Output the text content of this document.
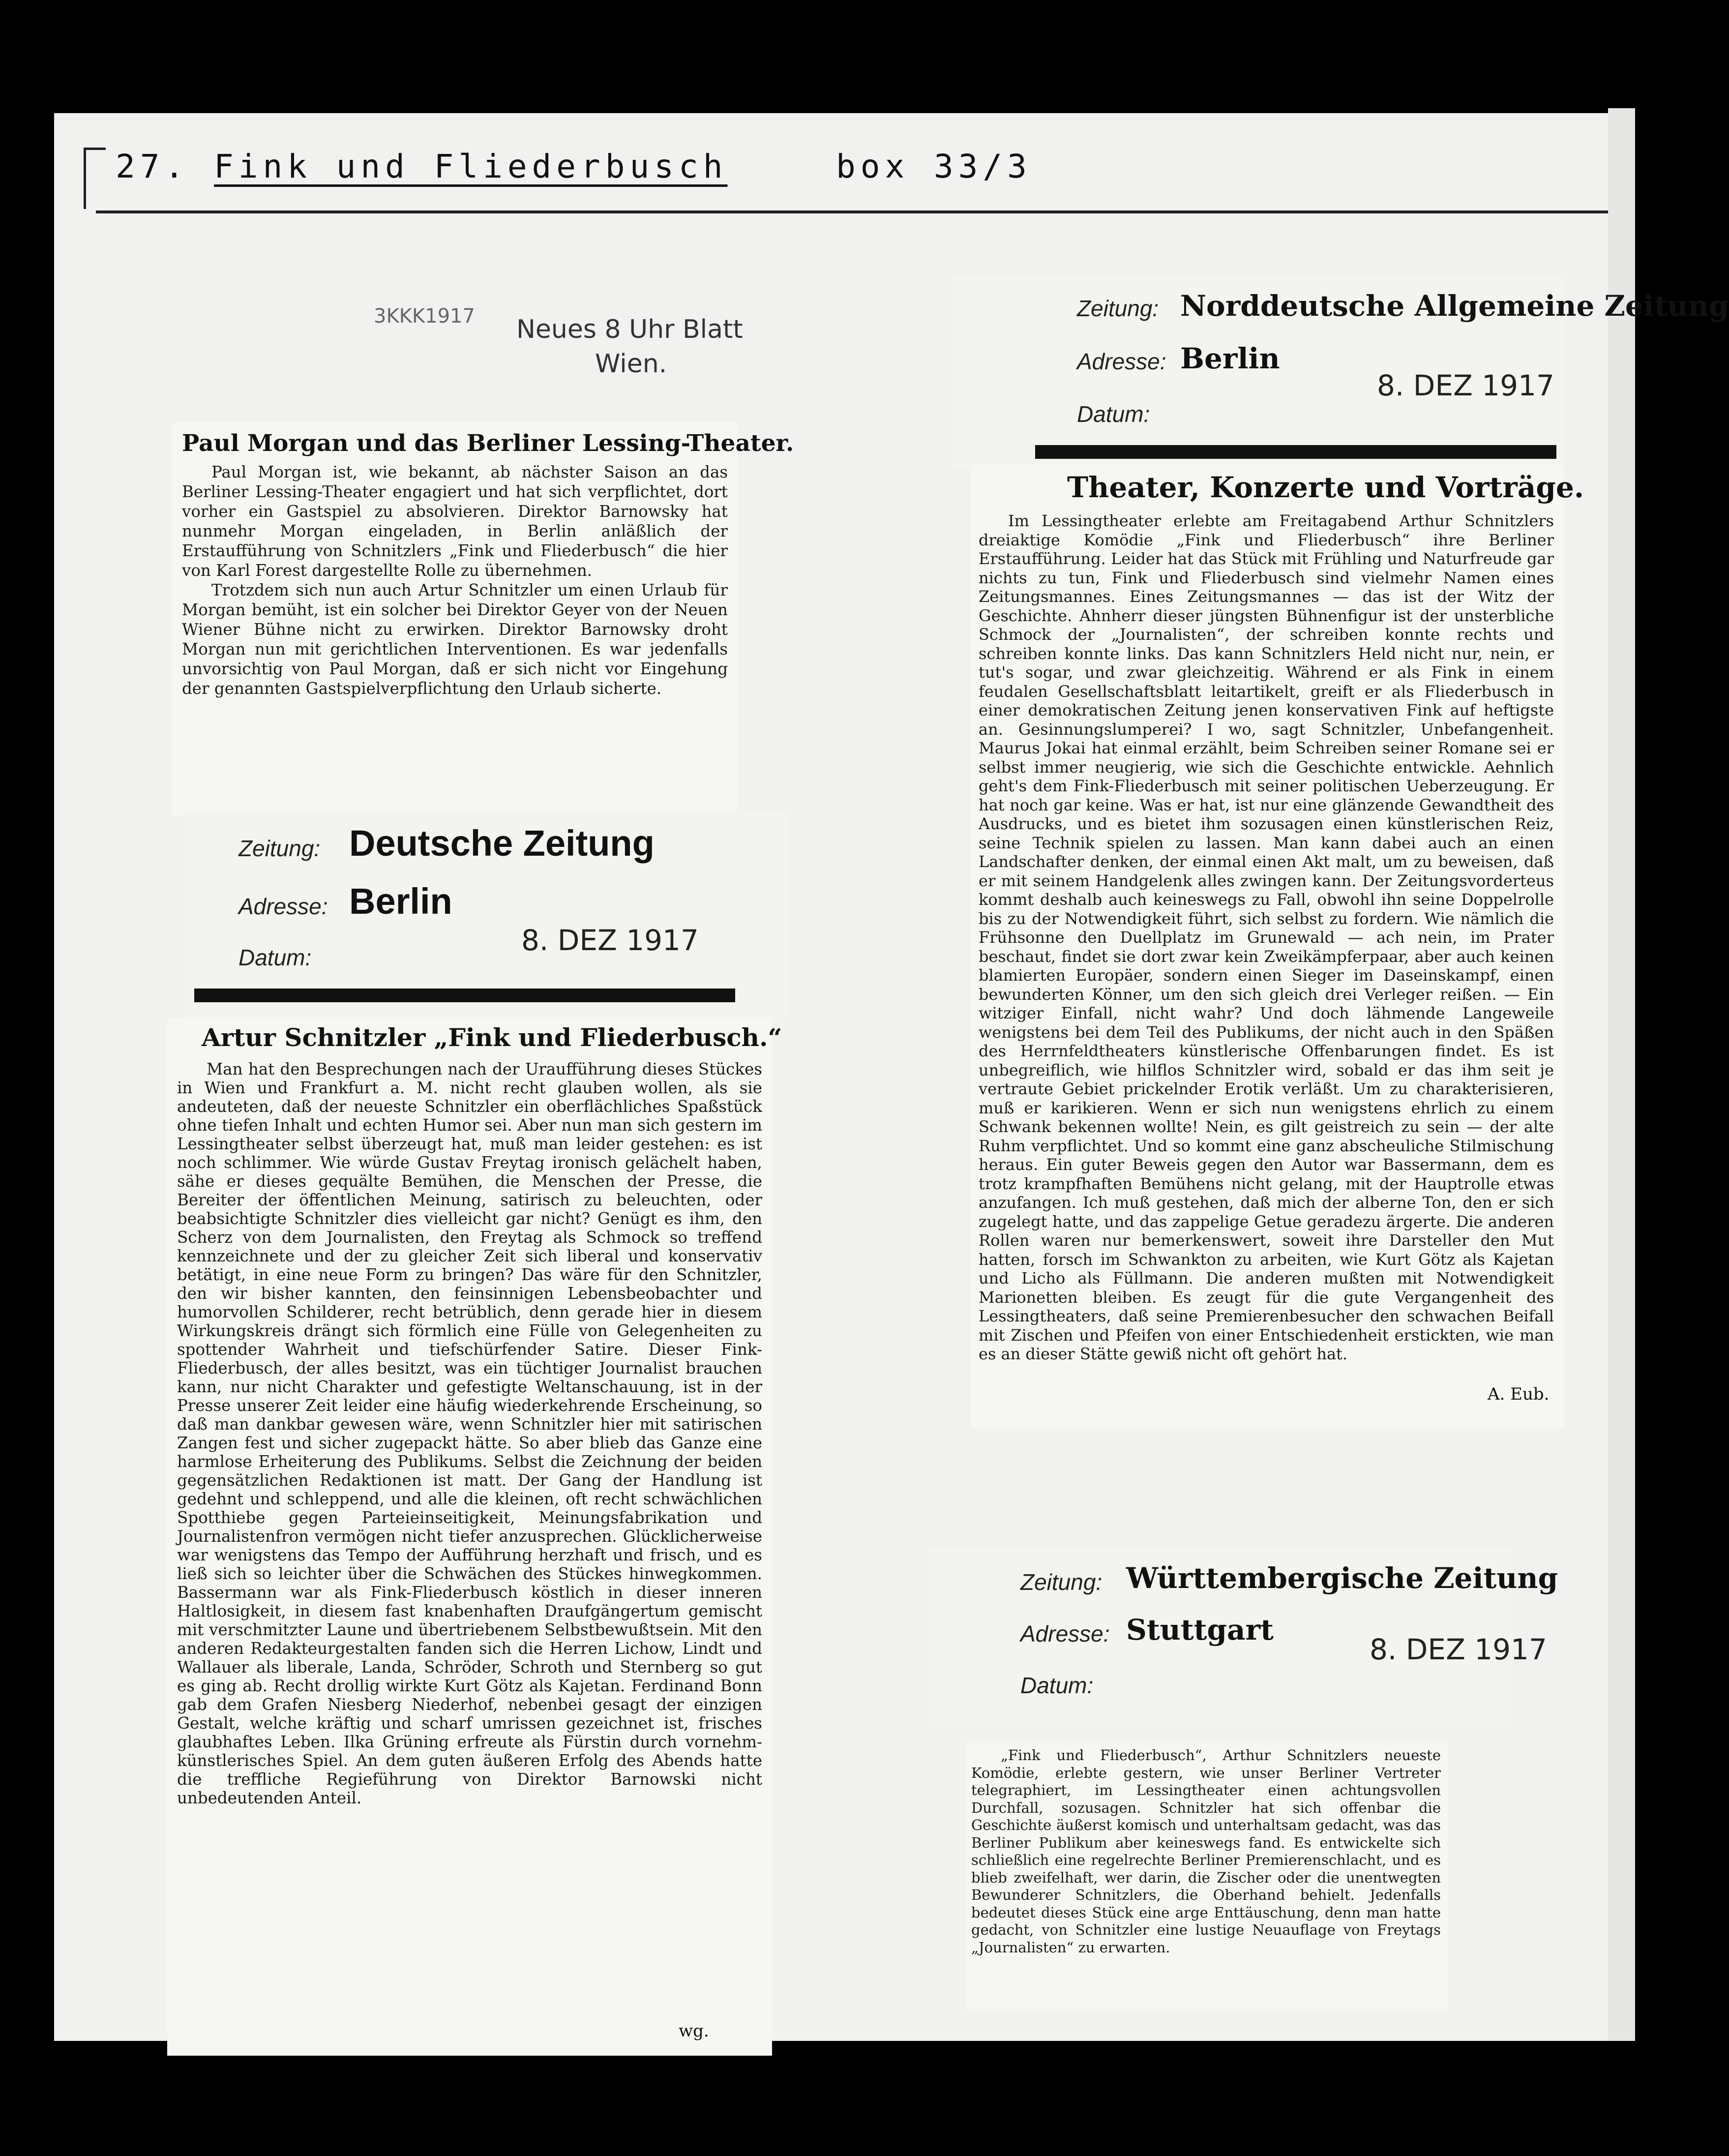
27. Fink und Fliederbusch	box 33/3
3KKK1917 Neues 8 Uhr Blatt
Wien.
Paul Morgan und das Berliner Lessing-Theater.

Paul Morgan ist, wie bekannt, ab nächster Saison an das Berliner Lessing-Theater engagiert und hat sich verpflichtet, dort vorher ein Gastspiel zu absolvieren. Direktor Barnowsky hat nunmehr Morgan eingeladen, in Berlin anläßlich der Erstaufführung von Schnitzlers „Fink und Fliederbusch“ die hier von Karl Forest dargestellte Rolle zu übernehmen.

Trotzdem sich nun auch Artur Schnitzler um einen Urlaub für Morgan bemüht, ist ein solcher bei Direktor Geyer von der Neuen Wiener Bühne nicht zu erwirken. Direktor Barnowsky droht Morgan nun mit gerichtlichen Interventionen. Es war jedenfalls unvorsichtig von Paul Morgan, daß er sich nicht vor Eingehung der genannten Gastspielverpflichtung den Urlaub sicherte.

Zeitung: Deutsche Zeitung
Adresse: Berlin
8. DEZ 1917
Datum:
Artur Schnitzler „Fink und Fliederbusch.“

Man hat den Besprechungen nach der Uraufführung dieses Stückes in Wien und Frankfurt a. M. nicht recht glauben wollen, als sie andeuteten, daß der neueste Schnitzler ein oberflächliches Spaßstück ohne tiefen Inhalt und echten Humor sei. Aber nun man sich gestern im Lessingtheater selbst überzeugt hat, muß man leider gestehen: es ist noch schlimmer. Wie würde Gustav Freytag ironisch gelächelt haben, sähe er dieses gequälte Bemühen, die Menschen der Presse, die Bereiter der öffentlichen Meinung, satirisch zu beleuchten, oder beabsichtigte Schnitzler dies vielleicht gar nicht? Genügt es ihm, den Scherz von dem Journalisten, den Freytag als Schmock so treffend kennzeichnete und der zu gleicher Zeit sich liberal und konservativ betätigt, in eine neue Form zu bringen? Das wäre für den Schnitzler, den wir bisher kannten, den feinsinnigen Lebensbeobachter und humorvollen Schilderer, recht betrüblich, denn gerade hier in diesem Wirkungskreis drängt sich förmlich eine Fülle von Gelegenheiten zu spottender Wahrheit und tiefschürfender Satire. Dieser Fink-Fliederbusch, der alles besitzt, was ein tüchtiger Journalist brauchen kann, nur nicht Charakter und gefestigte Weltanschauung, ist in der Presse unserer Zeit leider eine häufig wiederkehrende Erscheinung, so daß man dankbar gewesen wäre, wenn Schnitzler hier mit satirischen Zangen fest und sicher zugepackt hätte. So aber blieb das Ganze eine harmlose Erheiterung des Publikums. Selbst die Zeichnung der beiden gegensätzlichen Redaktionen ist matt. Der Gang der Handlung ist gedehnt und schleppend, und alle die kleinen, oft recht schwächlichen Spotthiebe gegen Parteieinseitigkeit, Meinungsfabrikation und Journalistenfron vermögen nicht tiefer anzusprechen. Glücklicherweise war wenigstens das Tempo der Aufführung herzhaft und frisch, und es ließ sich so leichter über die Schwächen des Stückes hinwegkommen. Bassermann war als Fink-Fliederbusch köstlich in dieser inneren Haltlosigkeit, in diesem fast knabenhaften Draufgängertum gemischt mit verschmitzter Laune und übertriebenem Selbstbewußtsein. Mit den anderen Redakteurgestalten fanden sich die Herren Lichow, Lindt und Wallauer als liberale, Landa, Schröder, Schroth und Sternberg so gut es ging ab. Recht drollig wirkte Kurt Götz als Kajetan. Ferdinand Bonn gab dem Grafen Niesberg Niederhof, nebenbei gesagt der einzigen Gestalt, welche kräftig und scharf umrissen gezeichnet ist, frisches glaubhaftes Leben. Ilka Grüning erfreute als Fürstin durch vornehm-künstlerisches Spiel. An dem guten äußeren Erfolg des Abends hatte die treffliche Regieführung von Direktor Barnowski nicht unbedeutenden Anteil.

wg.
Zeitung: Norddeutsche Allgemeine Zeitung
Adresse: Berlin
8. DEZ 1917
Datum:
Theater, Konzerte und Vorträge.

Im Lessingtheater erlebte am Freitagabend Arthur Schnitzlers dreiaktige Komödie „Fink und Fliederbusch“ ihre Berliner Erstaufführung. Leider hat das Stück mit Frühling und Naturfreude gar nichts zu tun, Fink und Fliederbusch sind vielmehr Namen eines Zeitungsmannes. Eines Zeitungsmannes — das ist der Witz der Geschichte. Ahnherr dieser jüngsten Bühnenfigur ist der unsterbliche Schmock der „Journalisten“, der schreiben konnte rechts und schreiben konnte links. Das kann Schnitzlers Held nicht nur, nein, er tut's sogar, und zwar gleichzeitig. Während er als Fink in einem feudalen Gesellschaftsblatt leitartikelt, greift er als Fliederbusch in einer demokratischen Zeitung jenen konservativen Fink auf heftigste an. Gesinnungslumperei? I wo, sagt Schnitzler, Unbefangenheit. Maurus Jokai hat einmal erzählt, beim Schreiben seiner Romane sei er selbst immer neugierig, wie sich die Geschichte entwickle. Aehnlich geht's dem Fink-Fliederbusch mit seiner politischen Ueberzeugung. Er hat noch gar keine. Was er hat, ist nur eine glänzende Gewandtheit des Ausdrucks, und es bietet ihm sozusagen einen künstlerischen Reiz, seine Technik spielen zu lassen. Man kann dabei auch an einen Landschafter denken, der einmal einen Akt malt, um zu beweisen, daß er mit seinem Handgelenk alles zwingen kann. Der Zeitungsvorderteus kommt deshalb auch keineswegs zu Fall, obwohl ihn seine Doppelrolle bis zu der Notwendigkeit führt, sich selbst zu fordern. Wie nämlich die Frühsonne den Duellplatz im Grunewald — ach nein, im Prater beschaut, findet sie dort zwar kein Zweikämpferpaar, aber auch keinen blamierten Europäer, sondern einen Sieger im Daseinskampf, einen bewunderten Könner, um den sich gleich drei Verleger reißen. — Ein witziger Einfall, nicht wahr? Und doch lähmende Langeweile wenigstens bei dem Teil des Publikums, der nicht auch in den Späßen des Herrnfeldtheaters künstlerische Offenbarungen findet. Es ist unbegreiflich, wie hilflos Schnitzler wird, sobald er das ihm seit je vertraute Gebiet prickelnder Erotik verläßt. Um zu charakterisieren, muß er karikieren. Wenn er sich nun wenigstens ehrlich zu einem Schwank bekennen wollte! Nein, es gilt geistreich zu sein — der alte Ruhm verpflichtet. Und so kommt eine ganz abscheuliche Stilmischung heraus. Ein guter Beweis gegen den Autor war Bassermann, dem es trotz krampfhaften Bemühens nicht gelang, mit der Hauptrolle etwas anzufangen. Ich muß gestehen, daß mich der alberne Ton, den er sich zugelegt hatte, und das zappelige Getue geradezu ärgerte. Die anderen Rollen waren nur bemerkenswert, soweit ihre Darsteller den Mut hatten, forsch im Schwankton zu arbeiten, wie Kurt Götz als Kajetan und Licho als Füllmann. Die anderen mußten mit Notwendigkeit Marionetten bleiben. Es zeugt für die gute Vergangenheit des Lessingtheaters, daß seine Premierenbesucher den schwachen Beifall mit Zischen und Pfeifen von einer Entschiedenheit erstickten, wie man es an dieser Stätte gewiß nicht oft gehört hat.

A. Eub.
Zeitung: Württembergische Zeitung
Adresse: Stuttgart
8. DEZ 1917
Datum:

„Fink und Fliederbusch“, Arthur Schnitzlers neueste Komödie, erlebte gestern, wie unser Berliner Vertreter telegraphiert, im Lessingtheater einen achtungsvollen Durchfall, sozusagen. Schnitzler hat sich offenbar die Geschichte äußerst komisch und unterhaltsam gedacht, was das Berliner Publikum aber keineswegs fand. Es entwickelte sich schließlich eine regelrechte Berliner Premierenschlacht, und es blieb zweifelhaft, wer darin, die Zischer oder die unentwegten Bewunderer Schnitzlers, die Oberhand behielt. Jedenfalls bedeutet dieses Stück eine arge Enttäuschung, denn man hatte gedacht, von Schnitzler eine lustige Neuauflage von Freytags „Journalisten“ zu erwarten.
